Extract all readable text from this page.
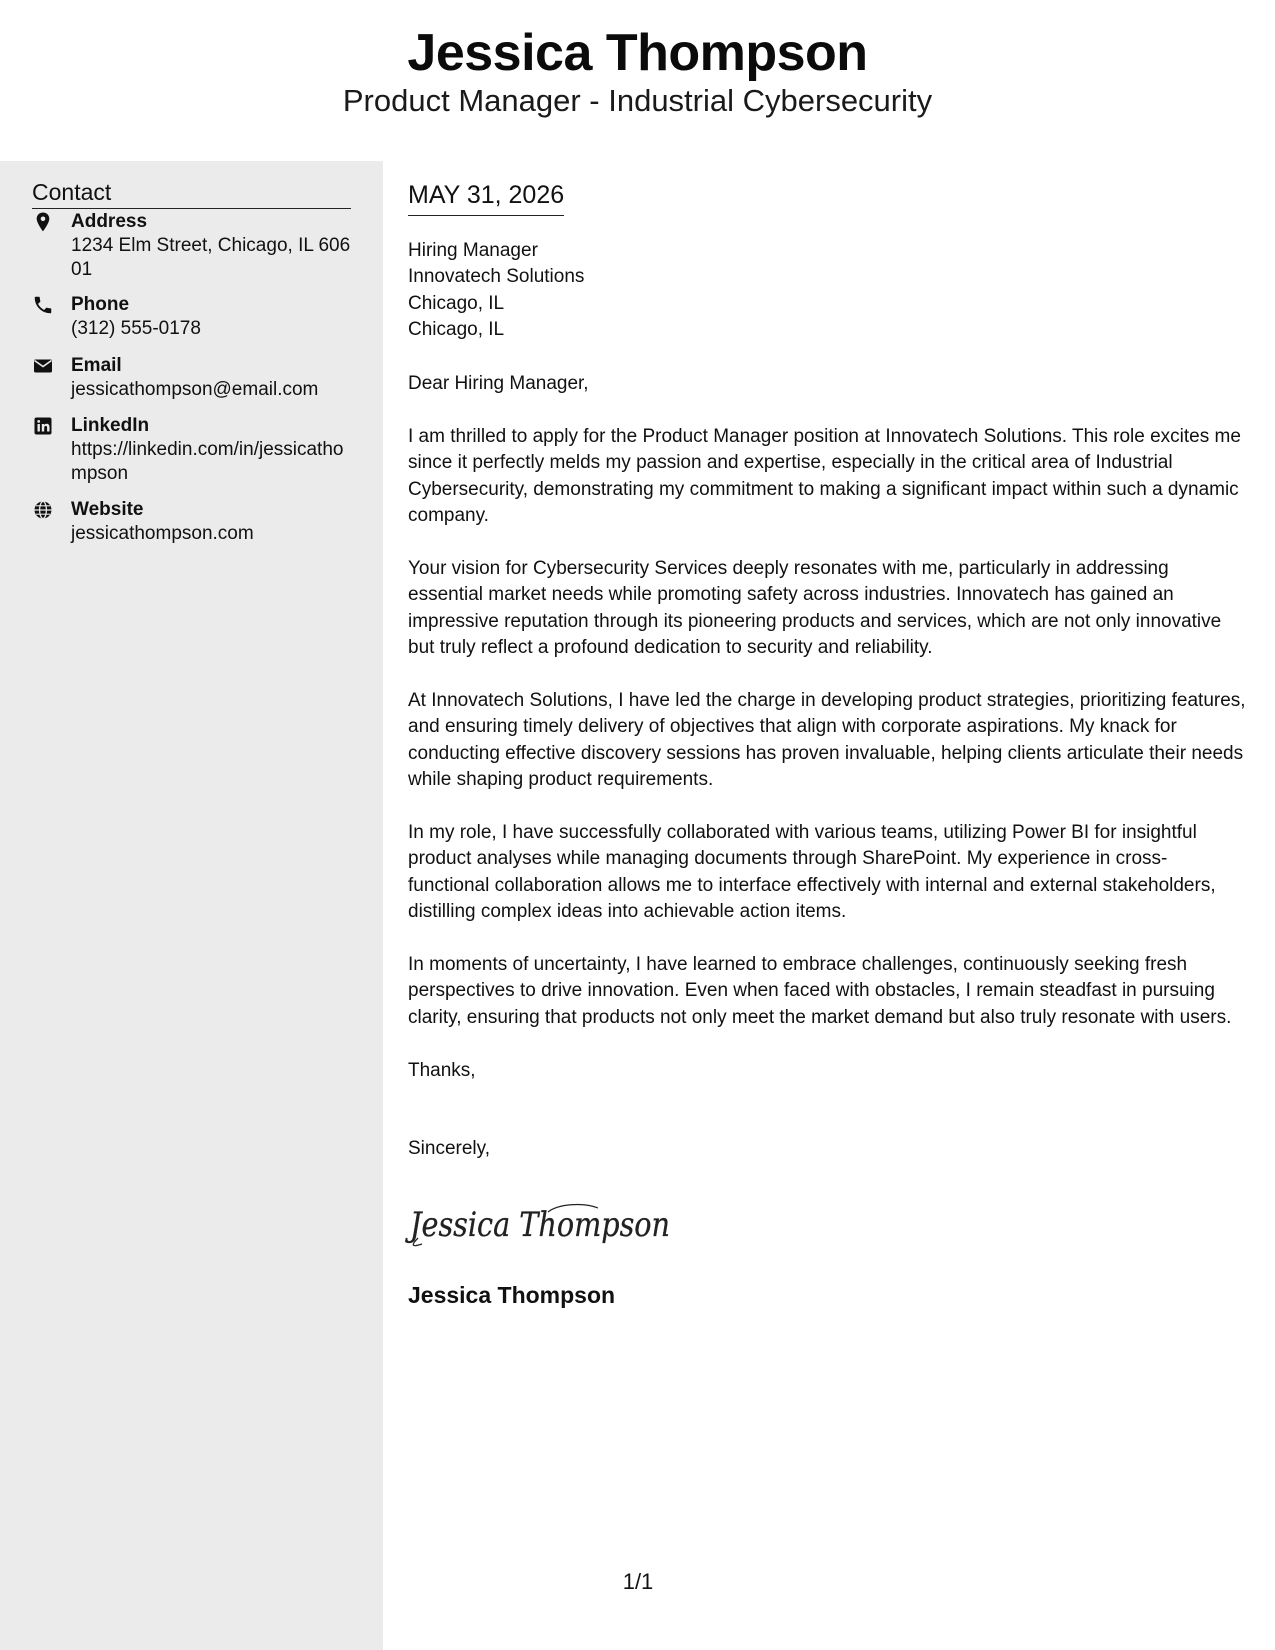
Jessica Thompson
Product Manager - Industrial Cybersecurity
Contact
Address
1234 Elm Street, Chicago, IL 60601
Phone
(312) 555-0178
Email
jessicathompson@email.com
LinkedIn
https://linkedin.com/in/jessicathompson
Website
jessicathompson.com
MAY 31, 2026
Hiring Manager
Innovatech Solutions
Chicago, IL
Chicago, IL
Dear Hiring Manager,
I am thrilled to apply for the Product Manager position at Innovatech Solutions. This role excites me since it perfectly melds my passion and expertise, especially in the critical area of Industrial Cybersecurity, demonstrating my commitment to making a significant impact within such a dynamic company.
Your vision for Cybersecurity Services deeply resonates with me, particularly in addressing essential market needs while promoting safety across industries. Innovatech has gained an impressive reputation through its pioneering products and services, which are not only innovative but truly reflect a profound dedication to security and reliability.
At Innovatech Solutions, I have led the charge in developing product strategies, prioritizing features, and ensuring timely delivery of objectives that align with corporate aspirations. My knack for conducting effective discovery sessions has proven invaluable, helping clients articulate their needs while shaping product requirements.
In my role, I have successfully collaborated with various teams, utilizing Power BI for insightful product analyses while managing documents through SharePoint. My experience in cross-functional collaboration allows me to interface effectively with internal and external stakeholders, distilling complex ideas into achievable action items.
In moments of uncertainty, I have learned to embrace challenges, continuously seeking fresh perspectives to drive innovation. Even when faced with obstacles, I remain steadfast in pursuing clarity, ensuring that products not only meet the market demand but also truly resonate with users.
Thanks,
Sincerely,
Jessica Thompson
Jessica Thompson
1/1
